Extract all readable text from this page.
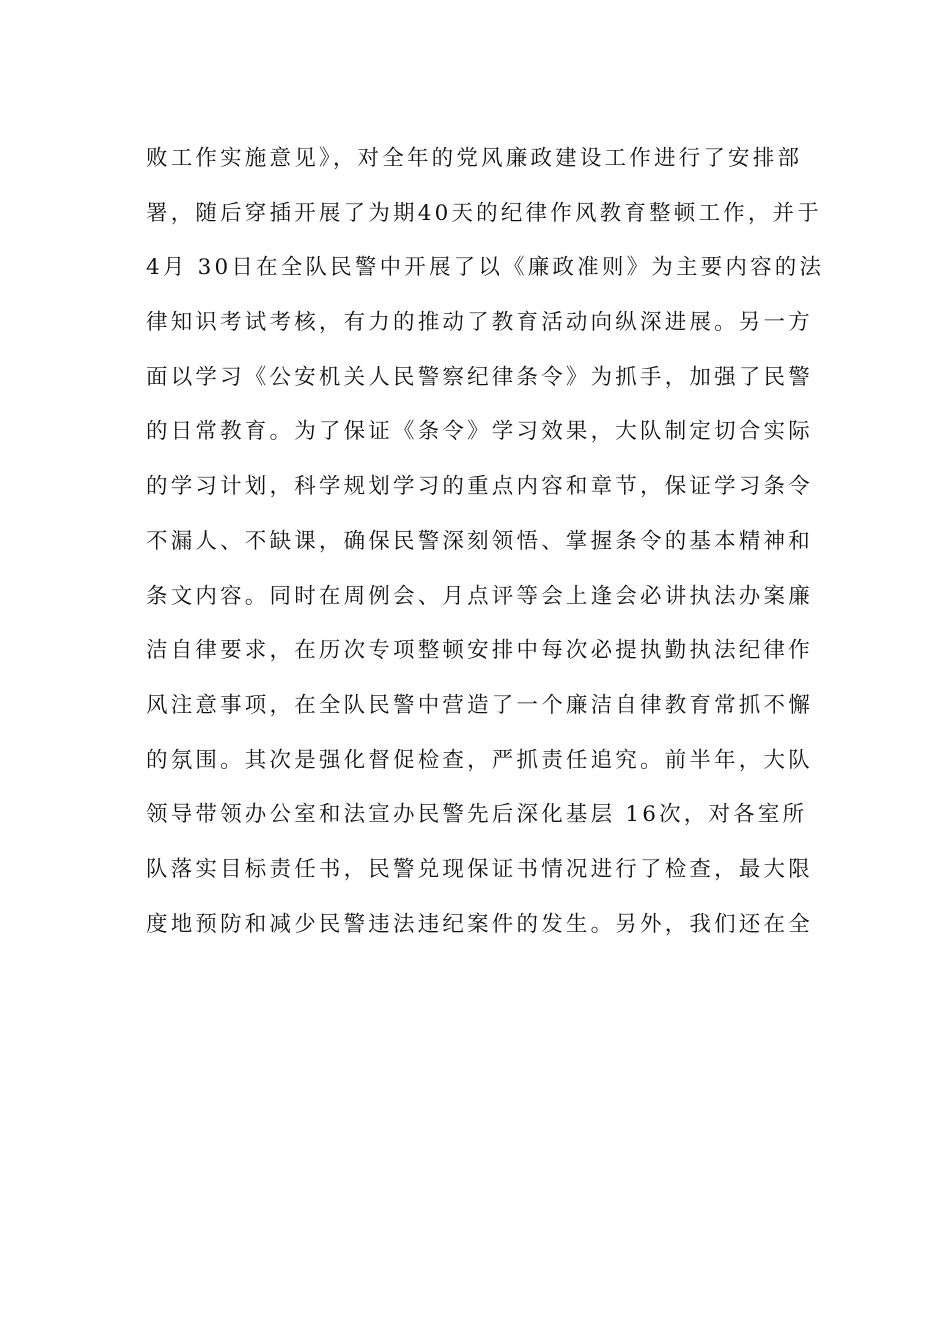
败工作实施意见》，对全年的党风廉政建设工作进行了安排部
署，随后穿插开展了为期40天的纪律作风教育整顿工作，并于
4月 30日在全队民警中开展了以《廉政准则》为主要内容的法
律知识考试考核，有力的推动了教育活动向纵深进展。另一方
面以学习《公安机关人民警察纪律条令》为抓手，加强了民警
的日常教育。为了保证《条令》学习效果，大队制定切合实际
的学习计划，科学规划学习的重点内容和章节，保证学习条令
不漏人、不缺课，确保民警深刻领悟、掌握条令的基本精神和
条文内容。同时在周例会、月点评等会上逢会必讲执法办案廉
洁自律要求，在历次专项整顿安排中每次必提执勤执法纪律作
风注意事项，在全队民警中营造了一个廉洁自律教育常抓不懈
的氛围。其次是强化督促检查，严抓责任追究。前半年，大队
领导带领办公室和法宣办民警先后深化基层 16次，对各室所
队落实目标责任书，民警兑现保证书情况进行了检查，最大限
度地预防和减少民警违法违纪案件的发生。另外，我们还在全
